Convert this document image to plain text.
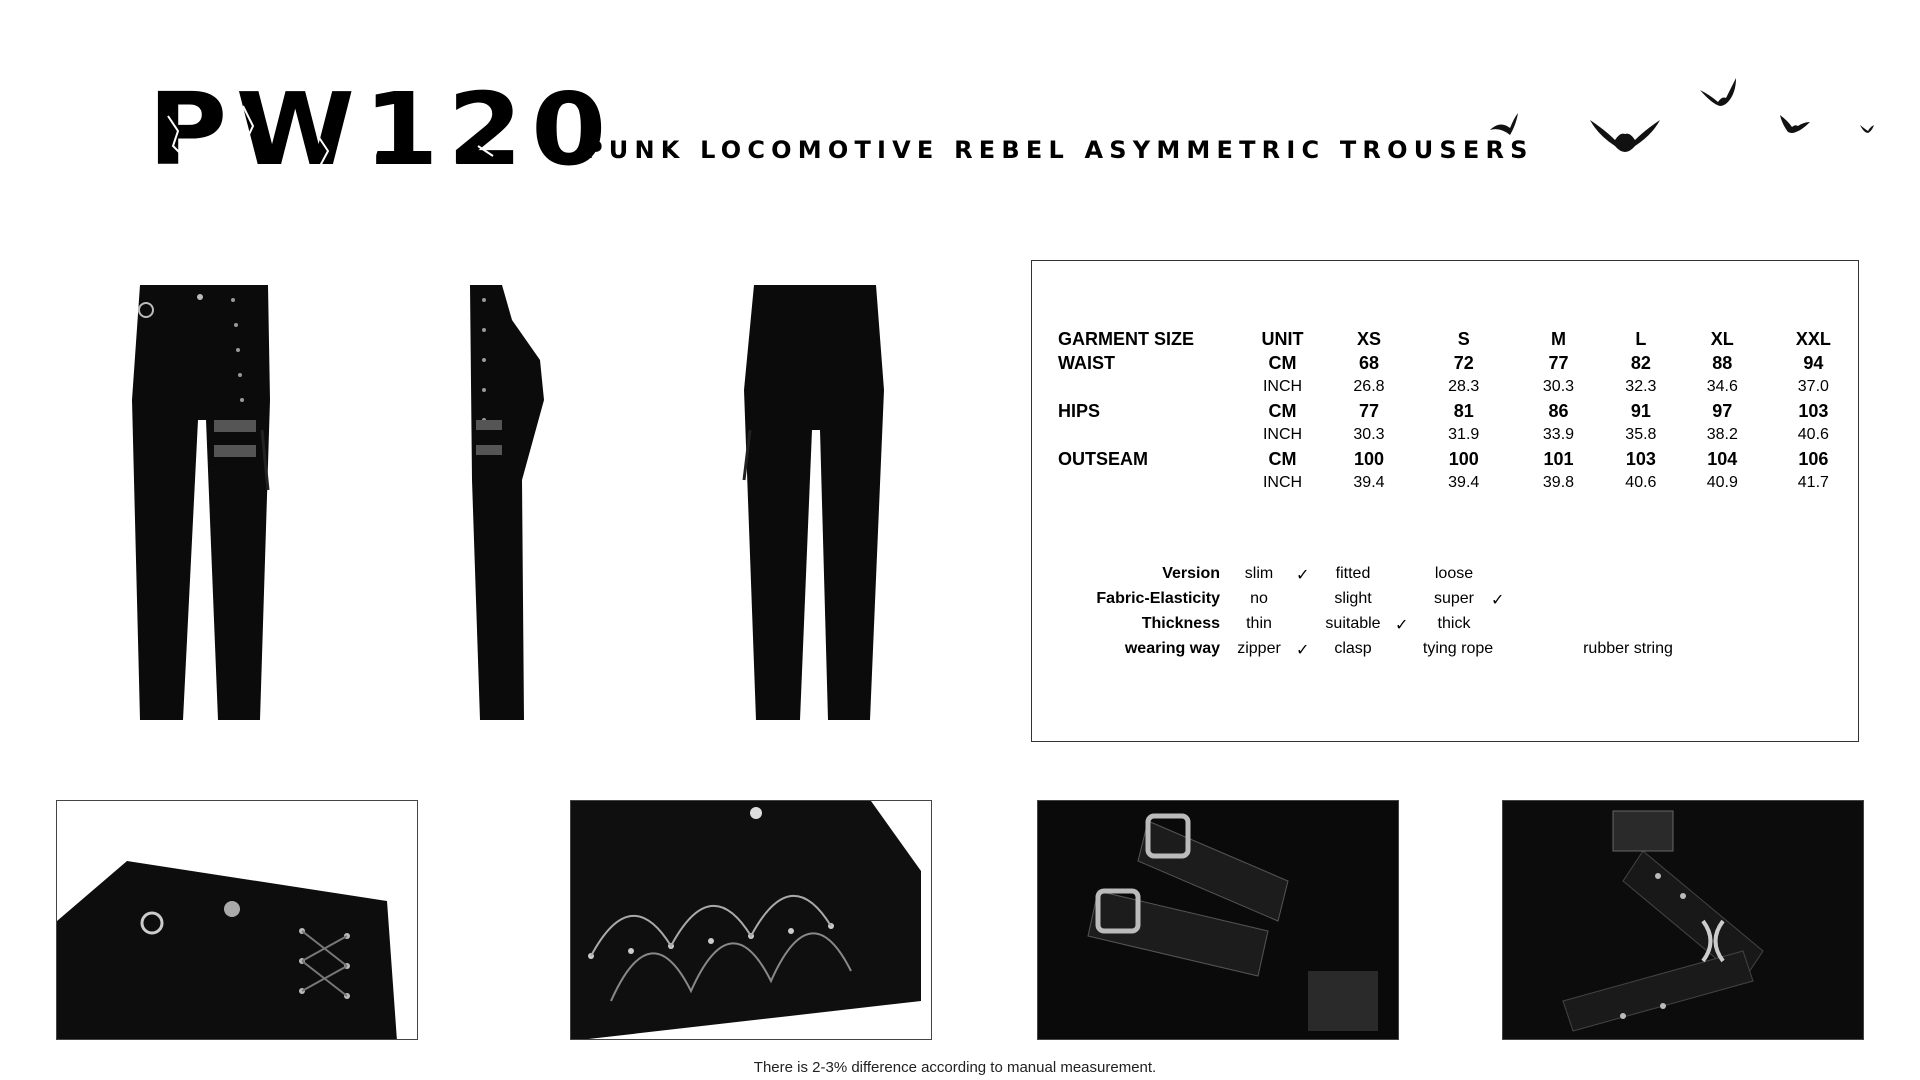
PW120
PUNK LOCOMOTIVE REBEL ASYMMETRIC TROUSERS
GARMENT SIZE	UNIT	XS	S	M	L	XL	XXL
WAIST	CM	68	72	77	82	88	94
	INCH	26.8	28.3	30.3	32.3	34.6	37.0
HIPS	CM	77	81	86	91	97	103
	INCH	30.3	31.9	33.9	35.8	38.2	40.6
OUTSEAM	CM	100	100	101	103	104	106
	INCH	39.4	39.4	39.8	40.6	40.9	41.7
Version slim ✓ fitted	loose
Fabric-Elasticity no	slight	super ✓
Thickness thin	suitable ✓ thick
wearing way zipper ✓ clasp	tying rope	rubber string
There is 2-3% difference according to manual measurement.
